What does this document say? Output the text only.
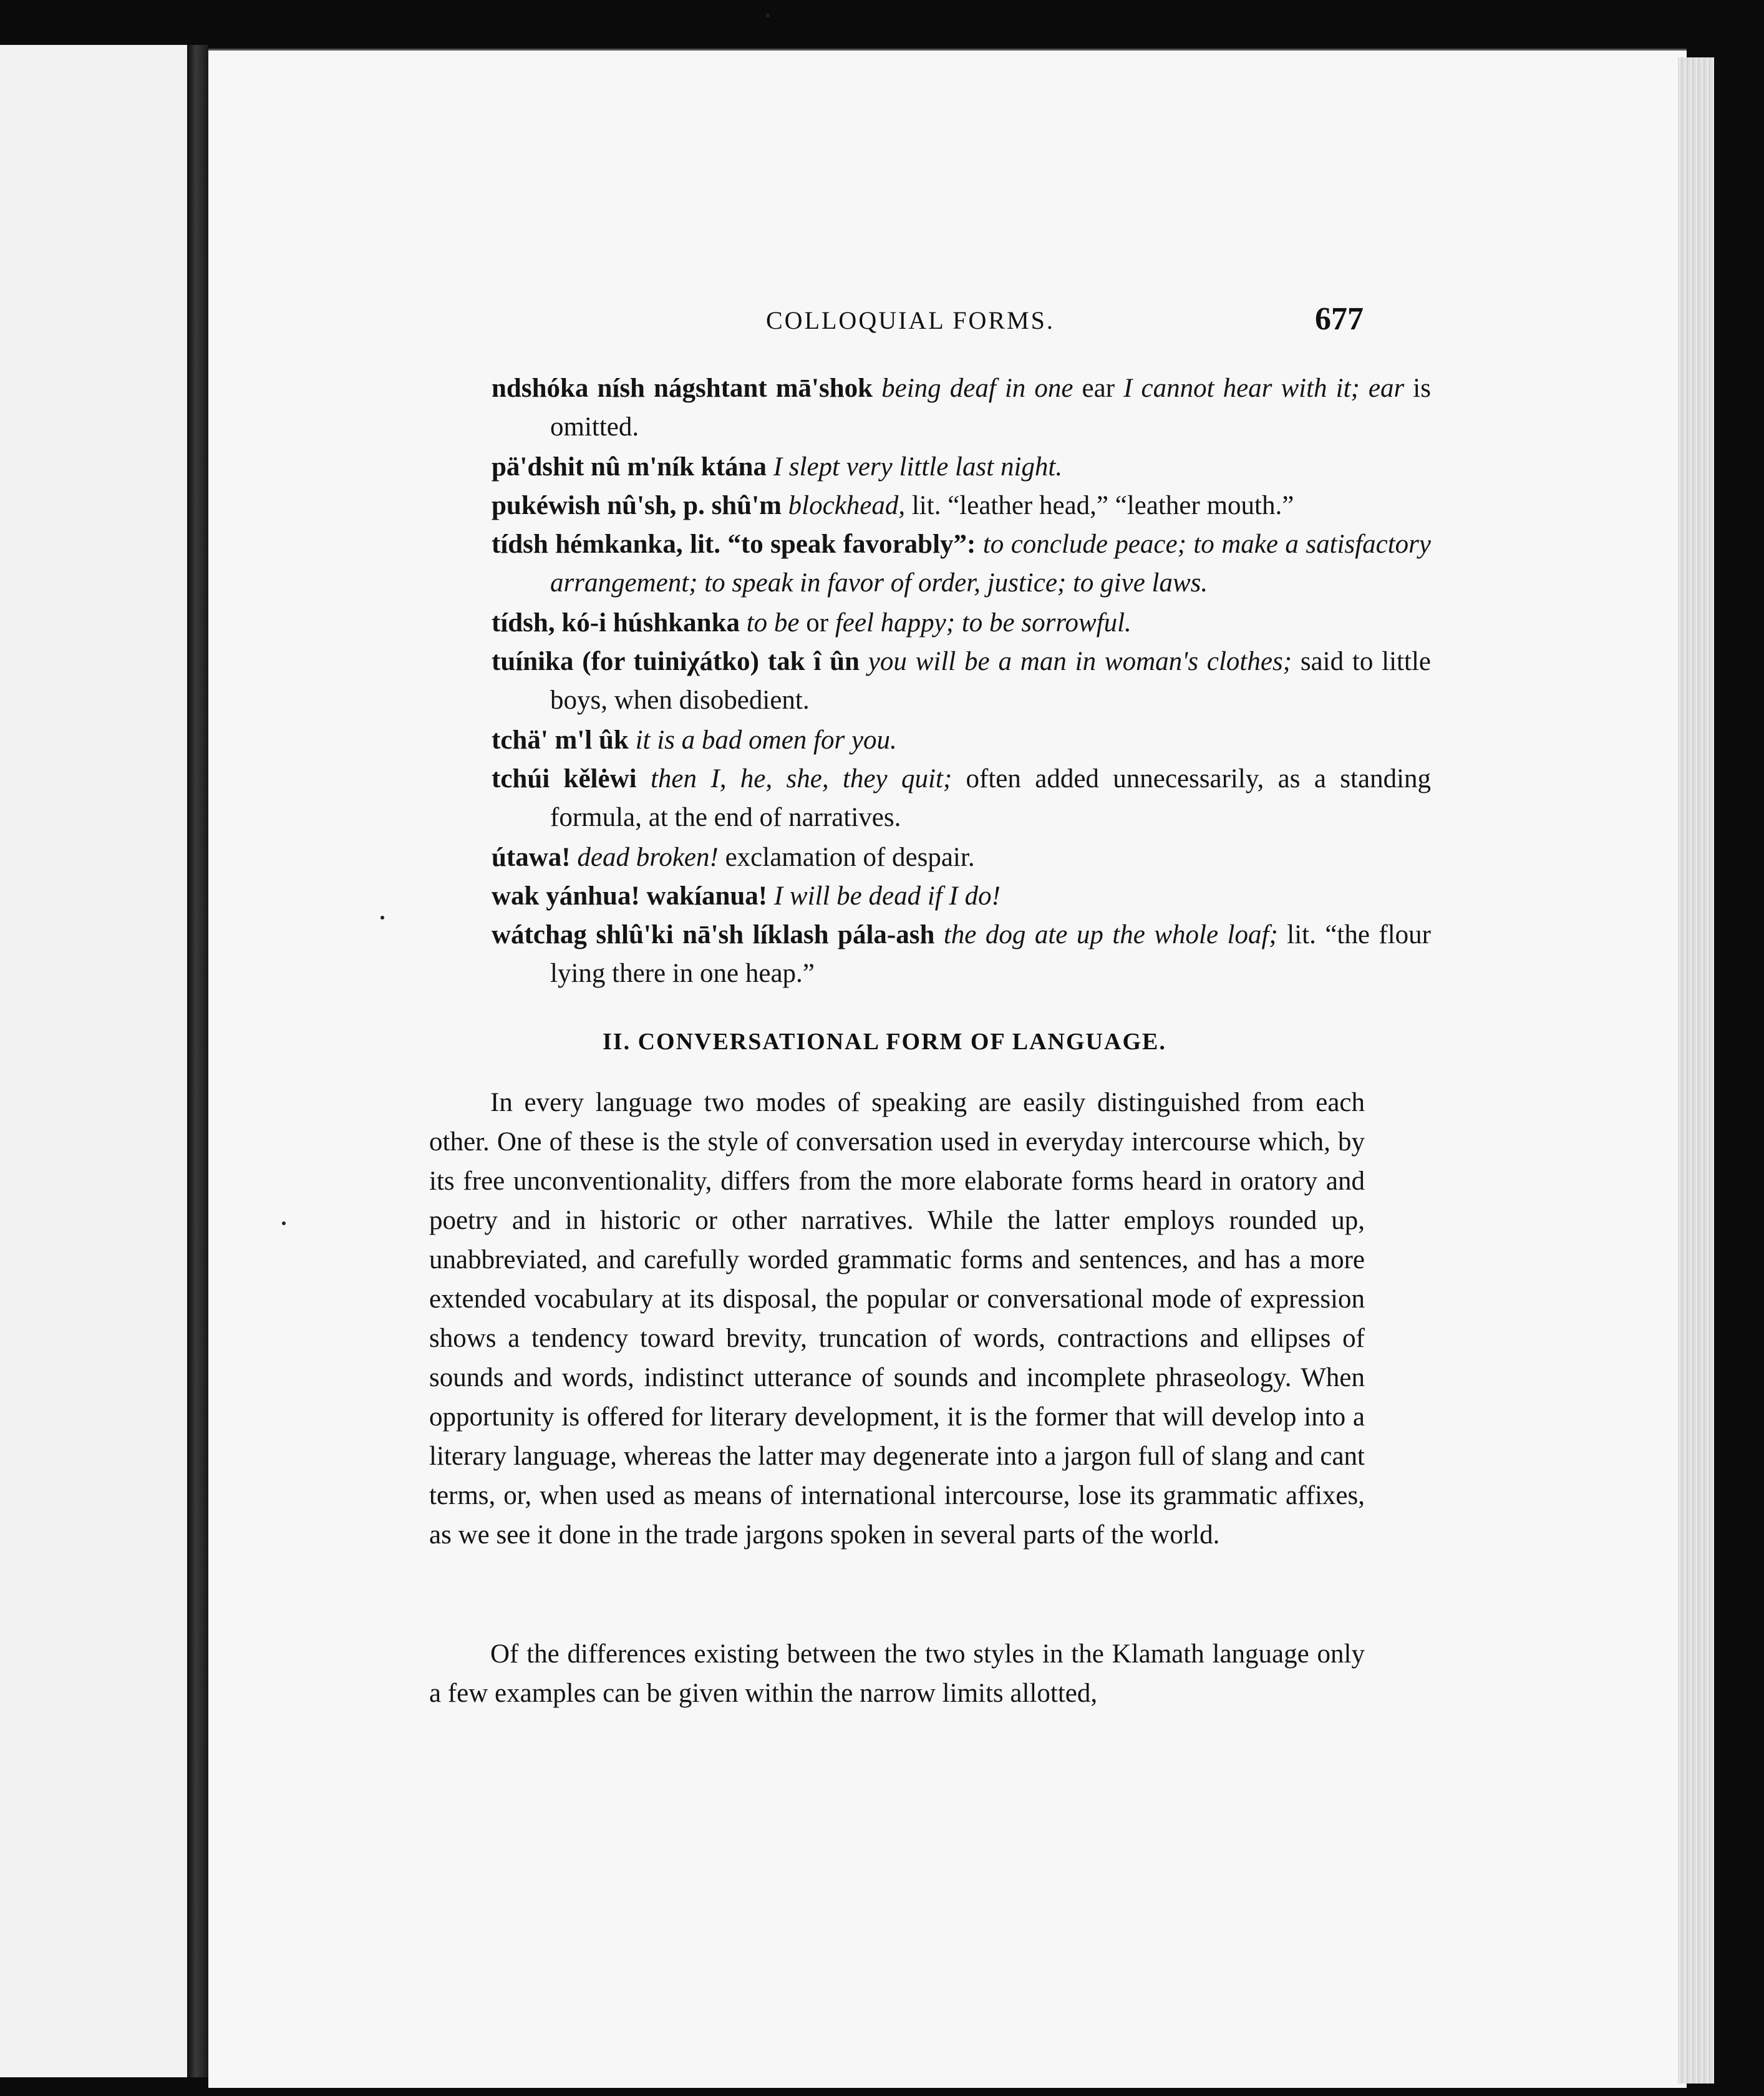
COLLOQUIAL FORMS.	677
ndshóka nísh nágshtant mā'shok being deaf in one ear I cannot hear with it; ear is omitted.
pä'dshit nû m'ník ktána I slept very little last night.
pukéwish nû'sh, p. shû'm blockhead, lit. “leather head,” “leather mouth.”
tídsh hémkanka, lit. “to speak favorably”: to conclude peace; to make a satisfactory arrangement; to speak in favor of order, justice; to give laws.
tídsh, kó-i húshkanka to be or feel happy; to be sorrowful.
tuínika (for tuiniχátko) tak î ûn you will be a man in woman's clothes; said to little boys, when disobedient.
tchä' m'l ûk it is a bad omen for you.
tchúi kělėwi then I, he, she, they quit; often added unnecessarily, as a standing formula, at the end of narratives.
útawa! dead broken! exclamation of despair.
wak yánhua! wakíanua! I will be dead if I do!
wátchag shlû'ki nā'sh líklash pála-ash the dog ate up the whole loaf; lit. “the flour lying there in one heap.”
II. CONVERSATIONAL FORM OF LANGUAGE.
In every language two modes of speaking are easily distinguished from each other. One of these is the style of conversation used in everyday intercourse which, by its free unconventionality, differs from the more elaborate forms heard in oratory and poetry and in historic or other narratives. While the latter employs rounded up, unabbreviated, and carefully worded grammatic forms and sentences, and has a more extended vocabulary at its disposal, the popular or conversational mode of expression shows a tendency toward brevity, truncation of words, contractions and ellipses of sounds and words, indistinct utterance of sounds and incomplete phraseology. When opportunity is offered for literary development, it is the former that will develop into a literary language, whereas the latter may degenerate into a jargon full of slang and cant terms, or, when used as means of international intercourse, lose its grammatic affixes, as we see it done in the trade jargons spoken in several parts of the world.
Of the differences existing between the two styles in the Klamath language only a few examples can be given within the narrow limits allotted,
